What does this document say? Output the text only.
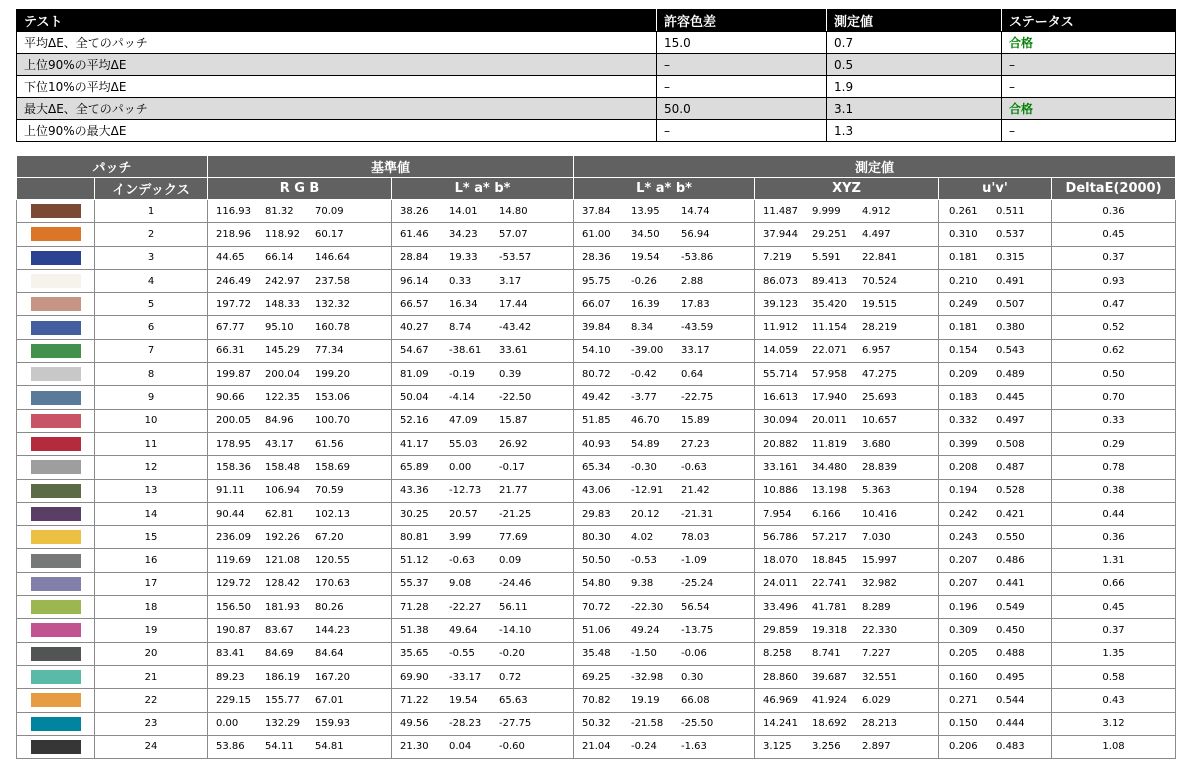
テスト	許容色差	測定値	ステータス
平均ΔE、全てのパッチ	15.0	0.7	合格
上位90%の平均ΔE	–	0.5	–
下位10%の平均ΔE	–	1.9	–
最大ΔE、全てのパッチ	50.0	3.1	合格
上位90%の最大ΔE	–	1.3	–
パッチ		基準値		測定値			
	インデックス	R G B	L* a* b*	L* a* b*	XYZ	u'v'	DeltaE(2000)

	1	116.93 81.32 70.09	38.26 14.01 14.80	37.84 13.95 14.74	11.487 9.999 4.912	0.261 0.511	0.36

	2	218.96 118.92 60.17	61.46 34.23 57.07	61.00 34.50 56.94	37.944 29.251 4.497	0.310 0.537	0.45

	3	44.65 66.14 146.64	28.84 19.33 -53.57	28.36 19.54 -53.86	7.219 5.591 22.841	0.181 0.315	0.37

	4	246.49 242.97 237.58	96.14 0.33 3.17	95.75 -0.26 2.88	86.073 89.413 70.524	0.210 0.491	0.93

	5	197.72 148.33 132.32	66.57 16.34 17.44	66.07 16.39 17.83	39.123 35.420 19.515	0.249 0.507	0.47

	6	67.77 95.10 160.78	40.27 8.74 -43.42	39.84 8.34 -43.59	11.912 11.154 28.219	0.181 0.380	0.52

	7	66.31 145.29 77.34	54.67 -38.61 33.61	54.10 -39.00 33.17	14.059 22.071 6.957	0.154 0.543	0.62

	8	199.87 200.04 199.20	81.09 -0.19 0.39	80.72 -0.42 0.64	55.714 57.958 47.275	0.209 0.489	0.50

	9	90.66 122.35 153.06	50.04 -4.14 -22.50	49.42 -3.77 -22.75	16.613 17.940 25.693	0.183 0.445	0.70

	10	200.05 84.96 100.70	52.16 47.09 15.87	51.85 46.70 15.89	30.094 20.011 10.657	0.332 0.497	0.33

	11	178.95 43.17 61.56	41.17 55.03 26.92	40.93 54.89 27.23	20.882 11.819 3.680	0.399 0.508	0.29

	12	158.36 158.48 158.69	65.89 0.00 -0.17	65.34 -0.30 -0.63	33.161 34.480 28.839	0.208 0.487	0.78

	13	91.11 106.94 70.59	43.36 -12.73 21.77	43.06 -12.91 21.42	10.886 13.198 5.363	0.194 0.528	0.38

	14	90.44 62.81 102.13	30.25 20.57 -21.25	29.83 20.12 -21.31	7.954 6.166 10.416	0.242 0.421	0.44

	15	236.09 192.26 67.20	80.81 3.99 77.69	80.30 4.02 78.03	56.786 57.217 7.030	0.243 0.550	0.36

	16	119.69 121.08 120.55	51.12 -0.63 0.09	50.50 -0.53 -1.09	18.070 18.845 15.997	0.207 0.486	1.31

	17	129.72 128.42 170.63	55.37 9.08 -24.46	54.80 9.38 -25.24	24.011 22.741 32.982	0.207 0.441	0.66

	18	156.50 181.93 80.26	71.28 -22.27 56.11	70.72 -22.30 56.54	33.496 41.781 8.289	0.196 0.549	0.45

	19	190.87 83.67 144.23	51.38 49.64 -14.10	51.06 49.24 -13.75	29.859 19.318 22.330	0.309 0.450	0.37

	20	83.41 84.69 84.64	35.65 -0.55 -0.20	35.48 -1.50 -0.06	8.258 8.741 7.227	0.205 0.488	1.35

	21	89.23 186.19 167.20	69.90 -33.17 0.72	69.25 -32.98 0.30	28.860 39.687 32.551	0.160 0.495	0.58

	22	229.15 155.77 67.01	71.22 19.54 65.63	70.82 19.19 66.08	46.969 41.924 6.029	0.271 0.544	0.43

	23	0.00 132.29 159.93	49.56 -28.23 -27.75	50.32 -21.58 -25.50	14.241 18.692 28.213	0.150 0.444	3.12

	24	53.86 54.11 54.81	21.30 0.04 -0.60	21.04 -0.24 -1.63	3.125 3.256 2.897	0.206 0.483	1.08
